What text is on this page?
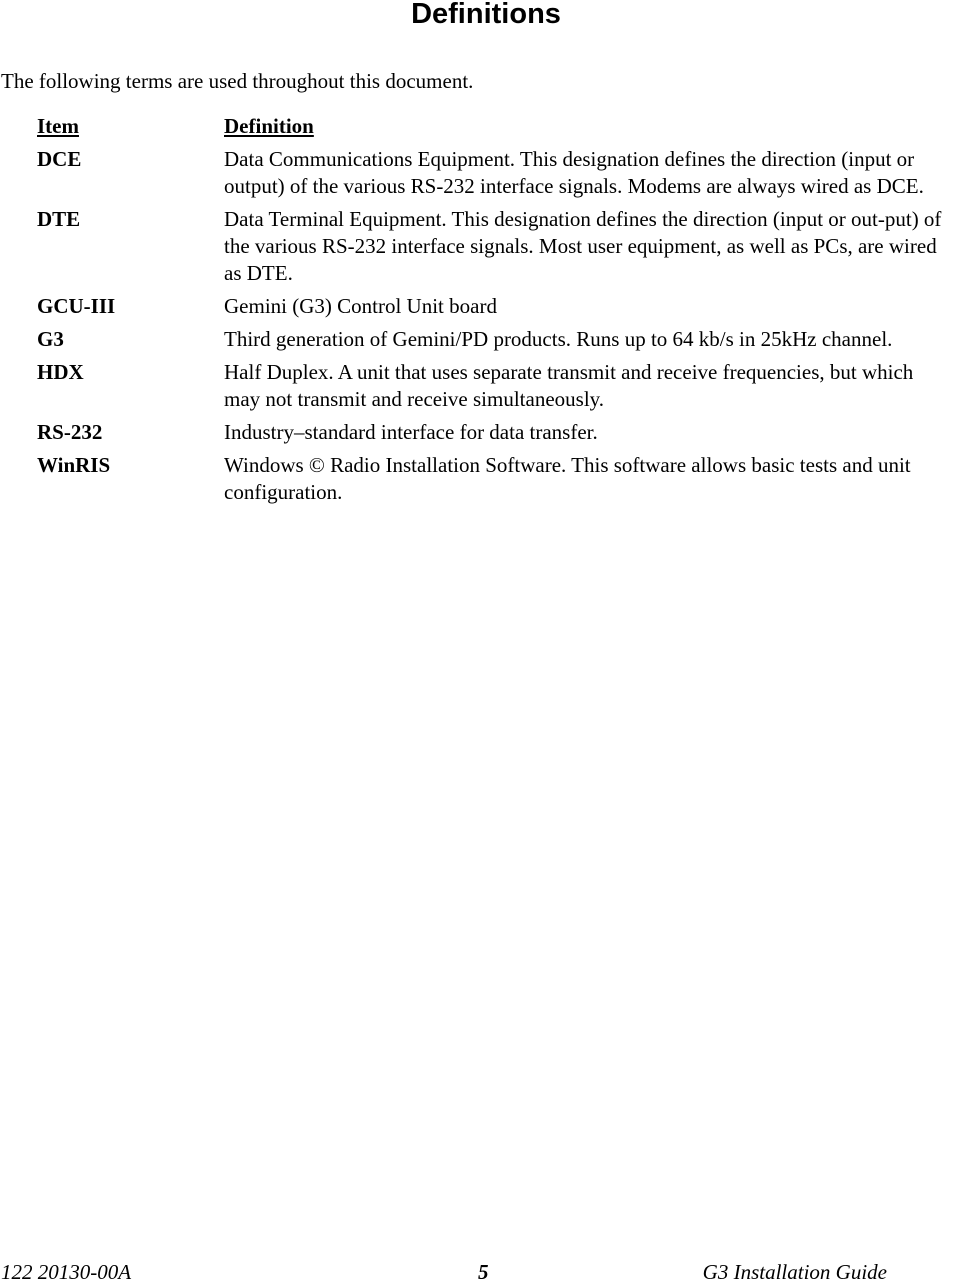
Definitions

The following terms are used throughout this document.

Item	Definition
DCE	Data Communications Equipment. This designation defines the direction (input or output) of the various RS-232 interface signals. Modems are always wired as DCE.
DTE	Data Terminal Equipment. This designation defines the direction (input or out-put) of the various RS-232 interface signals. Most user equipment, as well as PCs, are wired as DTE.
GCU-III	Gemini (G3) Control Unit board
G3	Third generation of Gemini/PD products. Runs up to 64 kb/s in 25kHz channel.
HDX	Half Duplex. A unit that uses separate transmit and receive frequencies, but which may not transmit and receive simultaneously.
RS-232	Industry–standard interface for data transfer.
WinRIS	Windows © Radio Installation Software. This software allows basic tests and unit configuration.
122 20130-00A	5	G3 Installation Guide
